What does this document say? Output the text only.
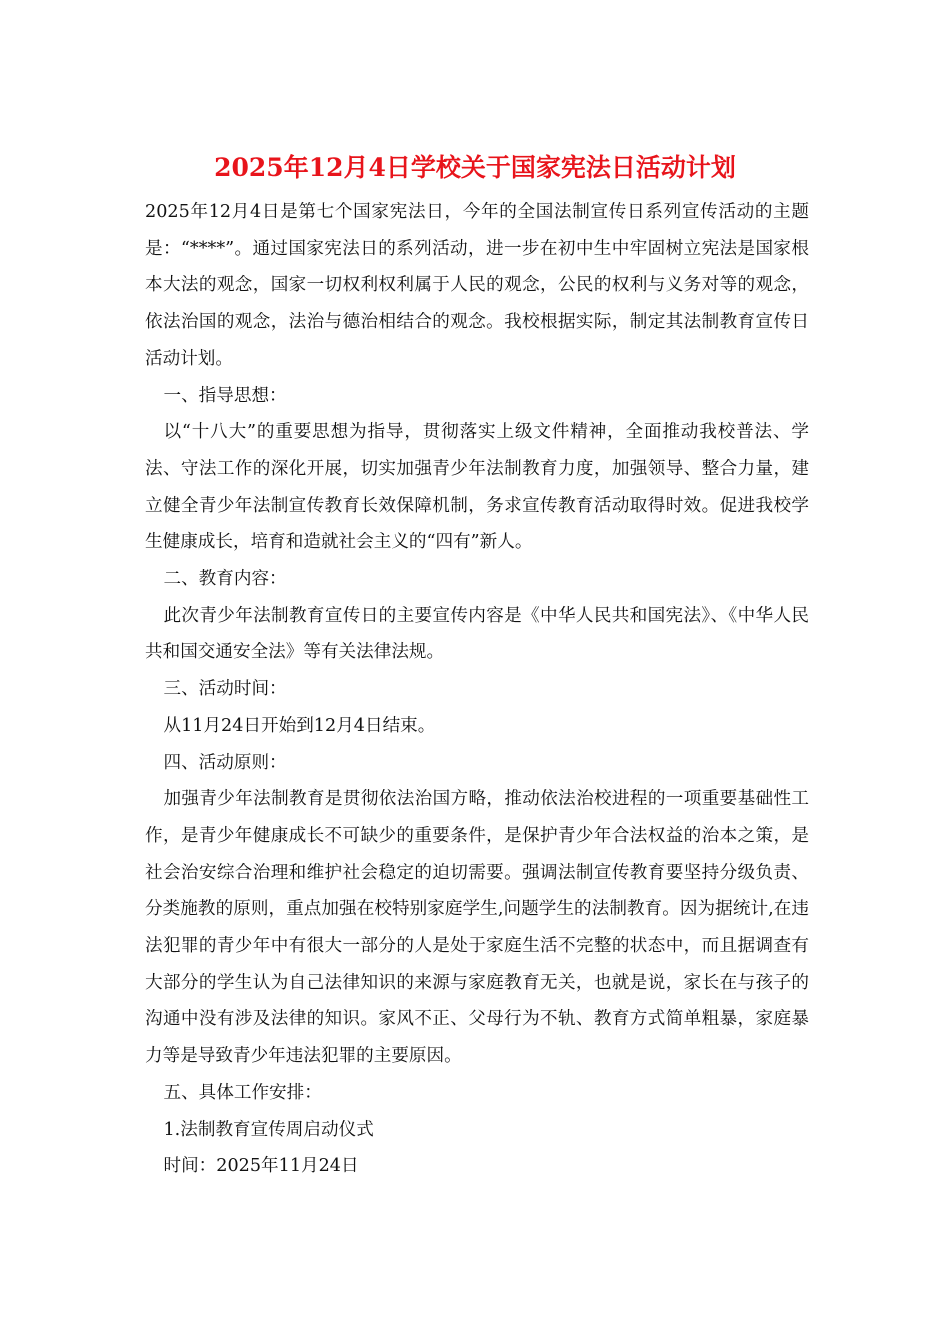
2025年12月4日学校关于国家宪法日活动计划

2025年12月4日是第七个国家宪法日，今年的全国法制宣传日系列宣传活动的主题是：“****”。通过国家宪法日的系列活动，进一步在初中生中牢固树立宪法是国家根本大法的观念，国家一切权利权利属于人民的观念，公民的权利与义务对等的观念，依法治国的观念，法治与德治相结合的观念。我校根据实际，制定其法制教育宣传日活动计划。

一、指导思想：

以“十八大”的重要思想为指导，贯彻落实上级文件精神，全面推动我校普法、学法、守法工作的深化开展，切实加强青少年法制教育力度，加强领导、整合力量，建立健全青少年法制宣传教育长效保障机制，务求宣传教育活动取得时效。促进我校学生健康成长，培育和造就社会主义的“四有”新人。

二、教育内容：

此次青少年法制教育宣传日的主要宣传内容是《中华人民共和国宪法》、《中华人民共和国交通安全法》等有关法律法规。

三、活动时间：

从11月24日开始到12月4日结束。

四、活动原则：

加强青少年法制教育是贯彻依法治国方略，推动依法治校进程的一项重要基础性工作，是青少年健康成长不可缺少的重要条件，是保护青少年合法权益的治本之策，是社会治安综合治理和维护社会稳定的迫切需要。强调法制宣传教育要坚持分级负责、分类施教的原则，重点加强在校特别家庭学生,问题学生的法制教育。因为据统计,在违法犯罪的青少年中有很大一部分的人是处于家庭生活不完整的状态中，而且据调查有大部分的学生认为自己法律知识的来源与家庭教育无关，也就是说，家长在与孩子的沟通中没有涉及法律的知识。家风不正、父母行为不轨、教育方式简单粗暴，家庭暴力等是导致青少年违法犯罪的主要原因。

五、具体工作安排：

1.法制教育宣传周启动仪式

时间：2025年11月24日
